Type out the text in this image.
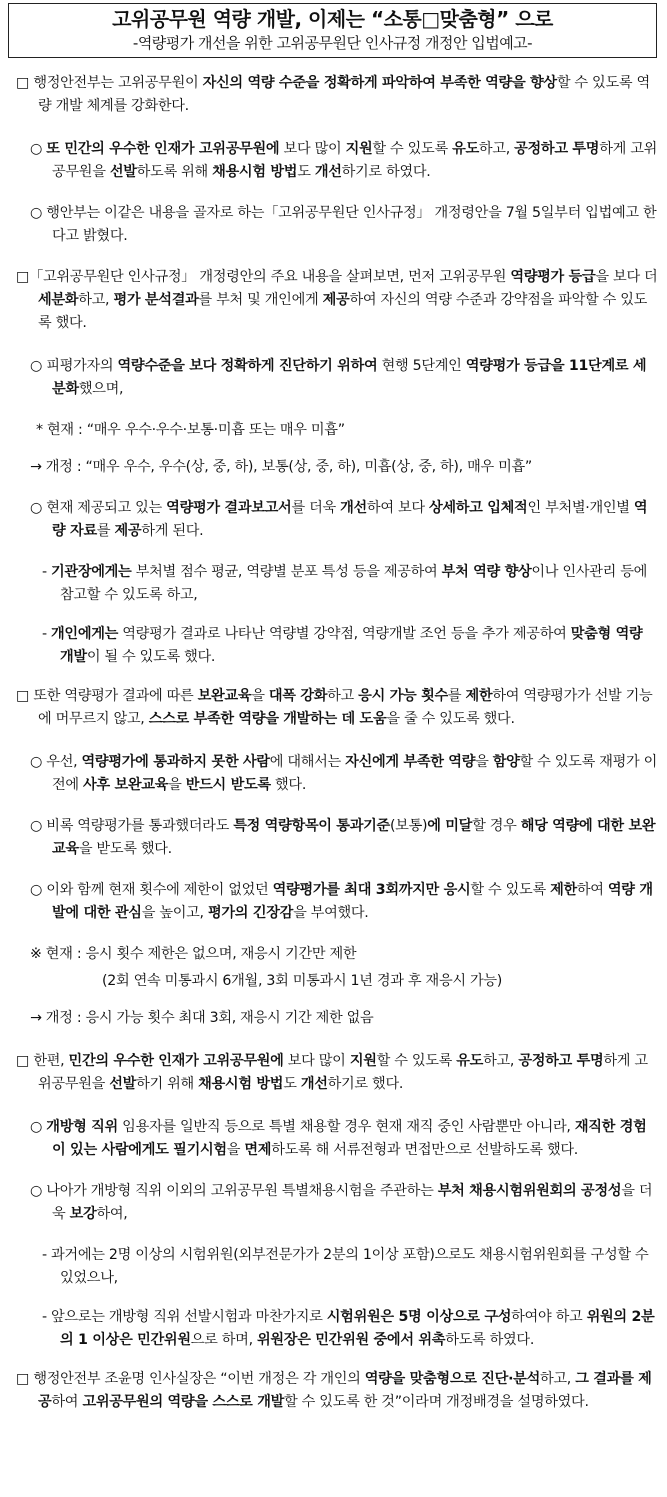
고위공무원 역량 개발, 이제는 “소통□맞춤형” 으로
-역량평가 개선을 위한 고위공무원단 인사규정 개정안 입법예고-
□ 행정안전부는 고위공무원이 자신의 역량 수준을 정확하게 파악하여 부족한 역량을 향상할 수 있도록 역량 개발 체계를 강화한다.
○ 또 민간의 우수한 인재가 고위공무원에 보다 많이 지원할 수 있도록 유도하고, 공정하고 투명하게 고위공무원을 선발하도록 위해 채용시험 방법도 개선하기로 하였다.
○ 행안부는 이같은 내용을 골자로 하는「고위공무원단 인사규정」 개정령안을 7월 5일부터 입법예고 한다고 밝혔다.
□「고위공무원단 인사규정」 개정령안의 주요 내용을 살펴보면, 먼저 고위공무원 역량평가 등급을 보다 더 세분화하고, 평가 분석결과를 부처 및 개인에게 제공하여 자신의 역량 수준과 강약점을 파악할 수 있도록 했다.
○ 피평가자의 역량수준을 보다 정확하게 진단하기 위하여 현행 5단계인 역량평가 등급을 11단계로 세분화했으며,
* 현재 : “매우 우수·우수·보통·미흡 또는 매우 미흡”
→ 개정 : “매우 우수, 우수(상, 중, 하), 보통(상, 중, 하), 미흡(상, 중, 하), 매우 미흡”
○ 현재 제공되고 있는 역량평가 결과보고서를 더욱 개선하여 보다 상세하고 입체적인 부처별·개인별 역량 자료를 제공하게 된다.
- 기관장에게는 부처별 점수 평균, 역량별 분포 특성 등을 제공하여 부처 역량 향상이나 인사관리 등에 참고할 수 있도록 하고,
- 개인에게는 역량평가 결과로 나타난 역량별 강약점, 역량개발 조언 등을 추가 제공하여 맞춤형 역량 개발이 될 수 있도록 했다.
□ 또한 역량평가 결과에 따른 보완교육을 대폭 강화하고 응시 가능 횟수를 제한하여 역량평가가 선발 기능에 머무르지 않고, 스스로 부족한 역량을 개발하는 데 도움을 줄 수 있도록 했다.
○ 우선, 역량평가에 통과하지 못한 사람에 대해서는 자신에게 부족한 역량을 함양할 수 있도록 재평가 이전에 사후 보완교육을 반드시 받도록 했다.
○ 비록 역량평가를 통과했더라도 특정 역량항목이 통과기준(보통)에 미달할 경우 해당 역량에 대한 보완교육을 받도록 했다.
○ 이와 함께 현재 횟수에 제한이 없었던 역량평가를 최대 3회까지만 응시할 수 있도록 제한하여 역량 개발에 대한 관심을 높이고, 평가의 긴장감을 부여했다.
※ 현재 : 응시 횟수 제한은 없으며, 재응시 기간만 제한
(2회 연속 미통과시 6개월, 3회 미통과시 1년 경과 후 재응시 가능)
→ 개정 : 응시 가능 횟수 최대 3회, 재응시 기간 제한 없음
□ 한편, 민간의 우수한 인재가 고위공무원에 보다 많이 지원할 수 있도록 유도하고, 공정하고 투명하게 고위공무원을 선발하기 위해 채용시험 방법도 개선하기로 했다.
○ 개방형 직위 임용자를 일반직 등으로 특별 채용할 경우 현재 재직 중인 사람뿐만 아니라, 재직한 경험이 있는 사람에게도 필기시험을 면제하도록 해 서류전형과 면접만으로 선발하도록 했다.
○ 나아가 개방형 직위 이외의 고위공무원 특별채용시험을 주관하는 부처 채용시험위원회의 공정성을 더욱 보강하여,
- 과거에는 2명 이상의 시험위원(외부전문가가 2분의 1이상 포함)으로도 채용시험위원회를 구성할 수 있었으나,
- 앞으로는 개방형 직위 선발시험과 마찬가지로 시험위원은 5명 이상으로 구성하여야 하고 위원의 2분의 1 이상은 민간위원으로 하며, 위원장은 민간위원 중에서 위촉하도록 하였다.
□ 행정안전부 조윤명 인사실장은 “이번 개정은 각 개인의 역량을 맞춤형으로 진단·분석하고, 그 결과를 제공하여 고위공무원의 역량을 스스로 개발할 수 있도록 한 것”이라며 개정배경을 설명하였다.
